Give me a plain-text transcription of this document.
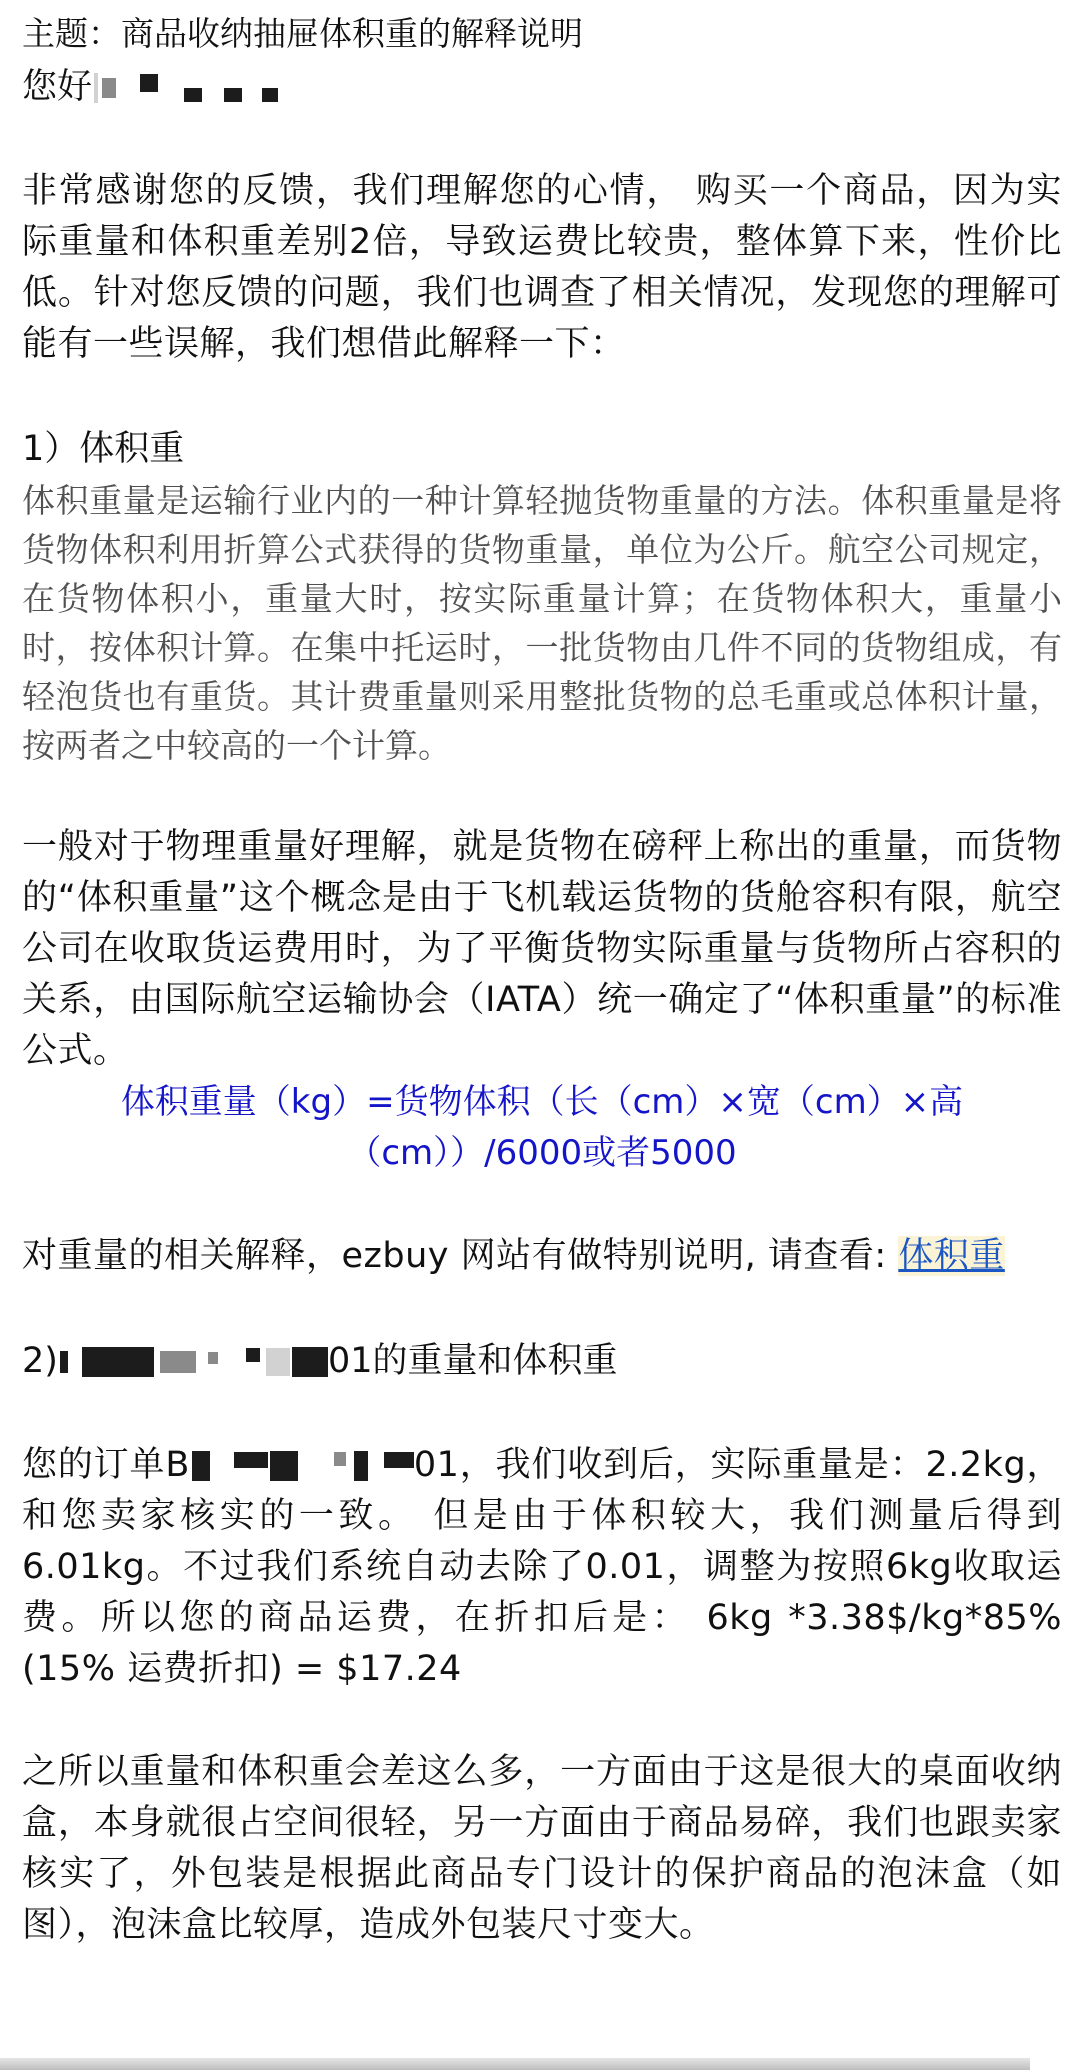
主题：商品收纳抽屉体积重的解释说明

您好

非常感谢您的反馈，我们理解您的心情， 购买一个商品，因为实际重量和体积重差别2倍，导致运费比较贵，整体算下来，性价比低。针对您反馈的问题，我们也调查了相关情况，发现您的理解可能有一些误解，我们想借此解释一下：

1）体积重

体积重量是运输行业内的一种计算轻抛货物重量的方法。体积重量是将货物体积利用折算公式获得的货物重量，单位为公斤。航空公司规定，在货物体积小，重量大时，按实际重量计算；在货物体积大，重量小时，按体积计算。在集中托运时，一批货物由几件不同的货物组成，有轻泡货也有重货。其计费重量则采用整批货物的总毛重或总体积计量，按两者之中较高的一个计算。

一般对于物理重量好理解，就是货物在磅秤上称出的重量，而货物的“体积重量”这个概念是由于飞机载运货物的货舱容积有限，航空公司在收取货运费用时，为了平衡货物实际重量与货物所占容积的关系，由国际航空运输协会（IATA）统一确定了“体积重量”的标准公式。

体积重量（kg）=货物体积（长（cm）×宽（cm）×高（cm））/6000或者5000

对重量的相关解释，ezbuy 网站有做特别说明, 请查看: 体积重

2)	01的重量和体积重

您的订单B	01，我们收到后，实际重量是：2.2kg， 和您卖家核实的一致。 但是由于体积较大，我们测量后得到6.01kg。不过我们系统自动去除了0.01，调整为按照6kg收取运费。所以您的商品运费，在折扣后是： 6kg *3.38$/kg*85%(15% 运费折扣) = $17.24

之所以重量和体积重会差这么多，一方面由于这是很大的桌面收纳盒，本身就很占空间很轻，另一方面由于商品易碎，我们也跟卖家核实了，外包装是根据此商品专门设计的保护商品的泡沫盒（如图），泡沫盒比较厚，造成外包装尺寸变大。
